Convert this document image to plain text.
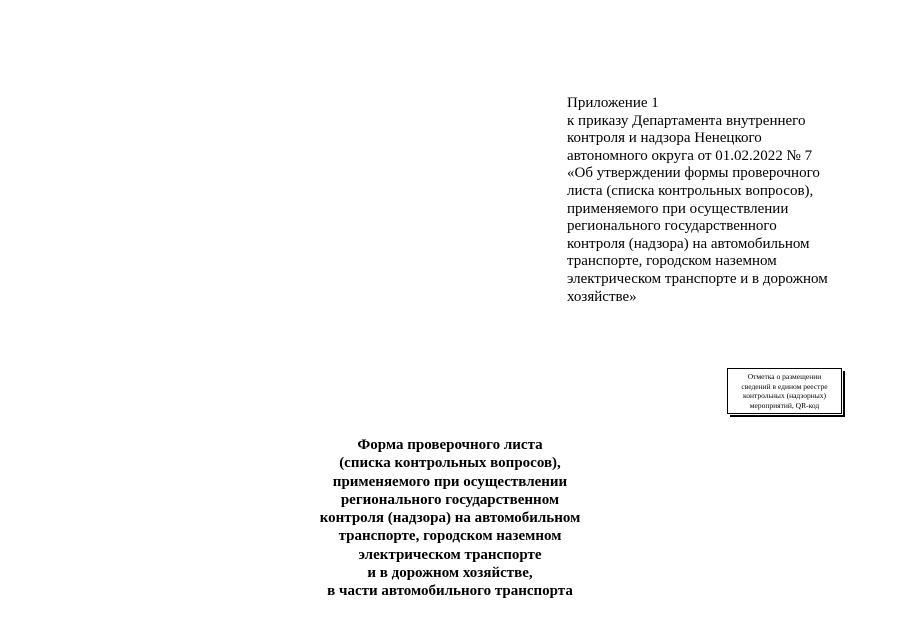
Приложение 1
к приказу Департамента внутреннего
контроля и надзора Ненецкого
автономного округа от 01.02.2022 № 7
«Об утверждении формы проверочного
листа (списка контрольных вопросов),
применяемого при осуществлении
регионального государственного
контроля (надзора) на автомобильном
транспорте, городском наземном
электрическом транспорте и в дорожном
хозяйстве»
Отметка о размещении
сведений в едином реестре
контрольных (надзорных)
мероприятий, QR-код
Форма проверочного листа
(списка контрольных вопросов),
применяемого при осуществлении
регионального государственном
контроля (надзора) на автомобильном
транспорте, городском наземном
электрическом транспорте
и в дорожном хозяйстве,
в части автомобильного транспорта
